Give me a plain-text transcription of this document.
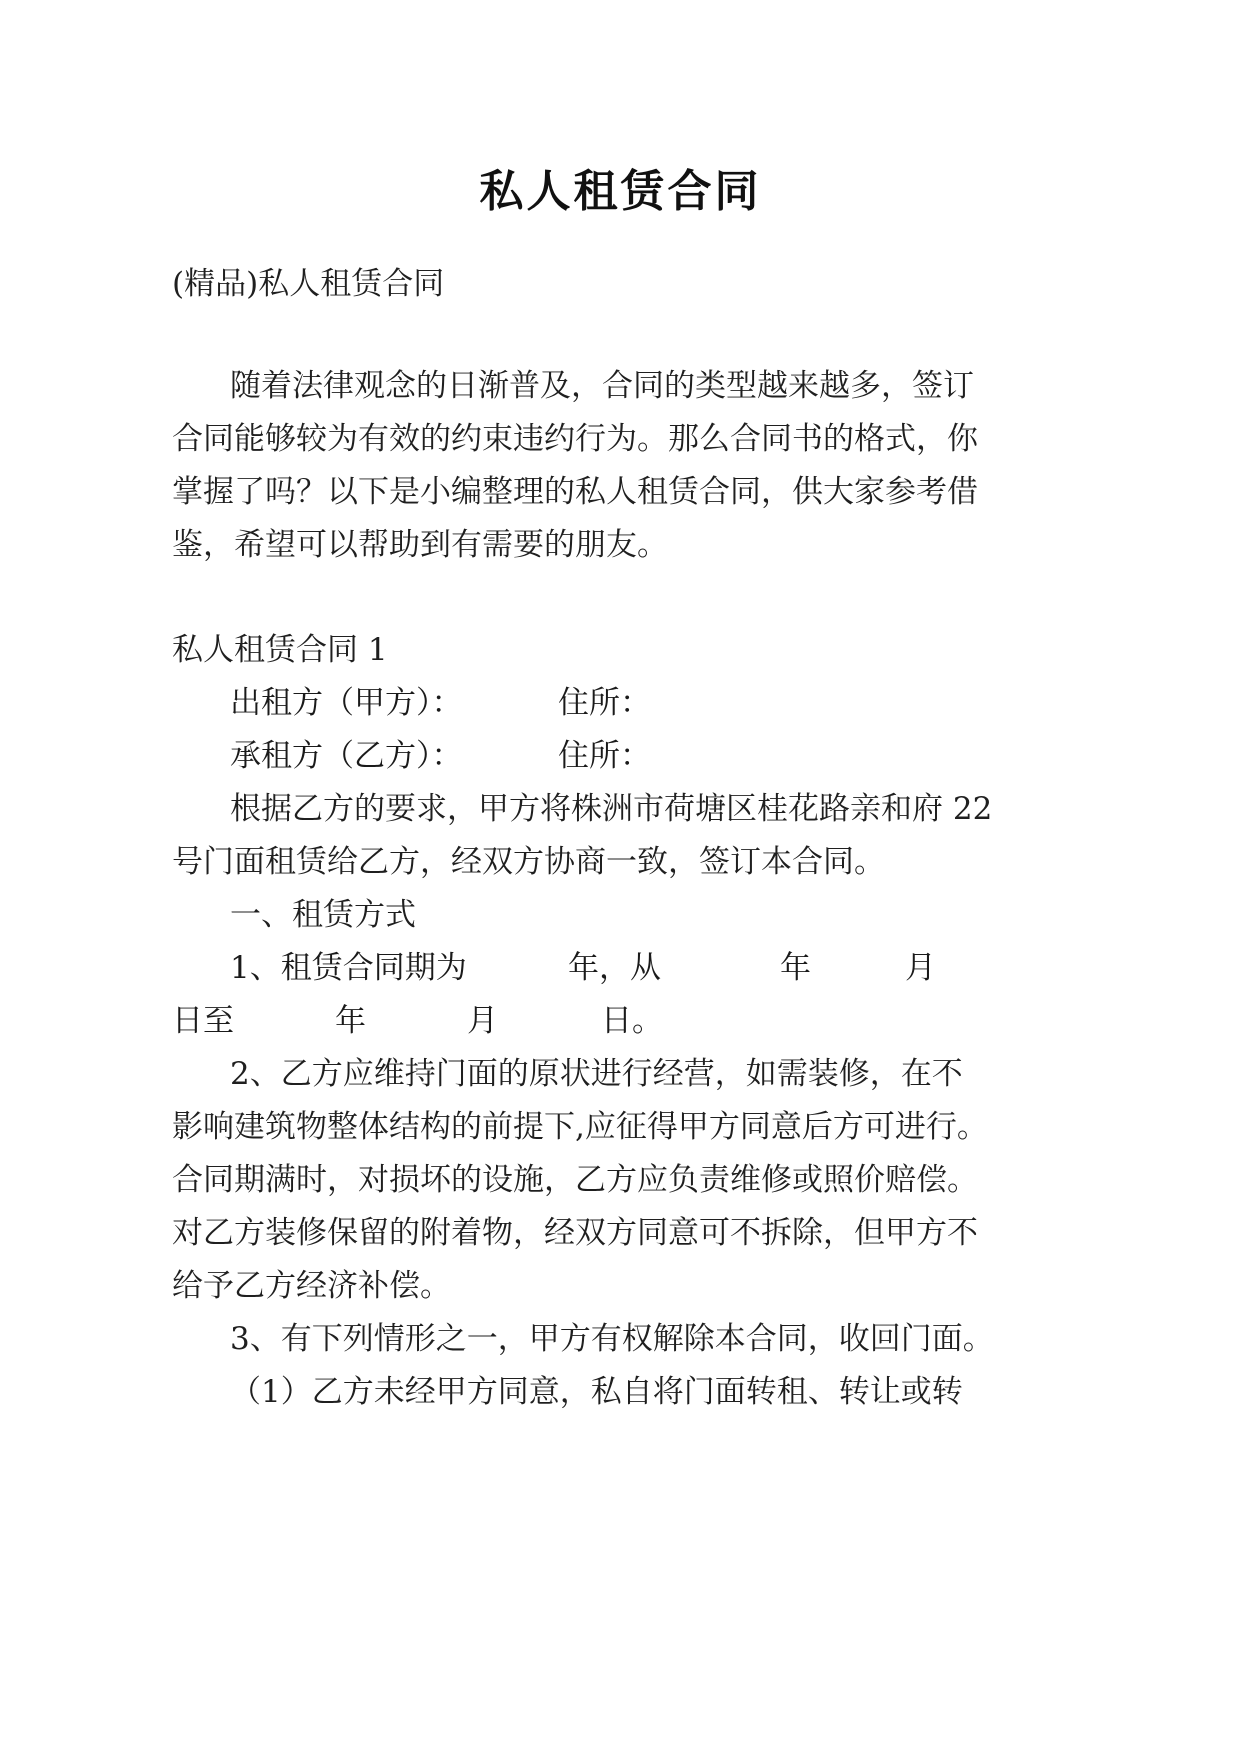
私人租赁合同
(精品)私人租赁合同
随着法律观念的日渐普及，合同的类型越来越多，签订
合同能够较为有效的约束违约行为。那么合同书的格式，你
掌握了吗？以下是小编整理的私人租赁合同，供大家参考借
鉴，希望可以帮助到有需要的朋友。
私人租赁合同 1
出租方（甲方）：	住所：
承租方（乙方）：	住所：
根据乙方的要求，甲方将株洲市荷塘区桂花路亲和府 22
号门面租赁给乙方，经双方协商一致，签订本合同。
一、租赁方式
1、租赁合同期为	年，从	年	月
日至	年	月	日。
2、乙方应维持门面的原状进行经营，如需装修，在不
影响建筑物整体结构的前提下,应征得甲方同意后方可进行。
合同期满时，对损坏的设施，乙方应负责维修或照价赔偿。
对乙方装修保留的附着物，经双方同意可不拆除，但甲方不
给予乙方经济补偿。
3、有下列情形之一，甲方有权解除本合同，收回门面。
（1）乙方未经甲方同意，私自将门面转租、转让或转
